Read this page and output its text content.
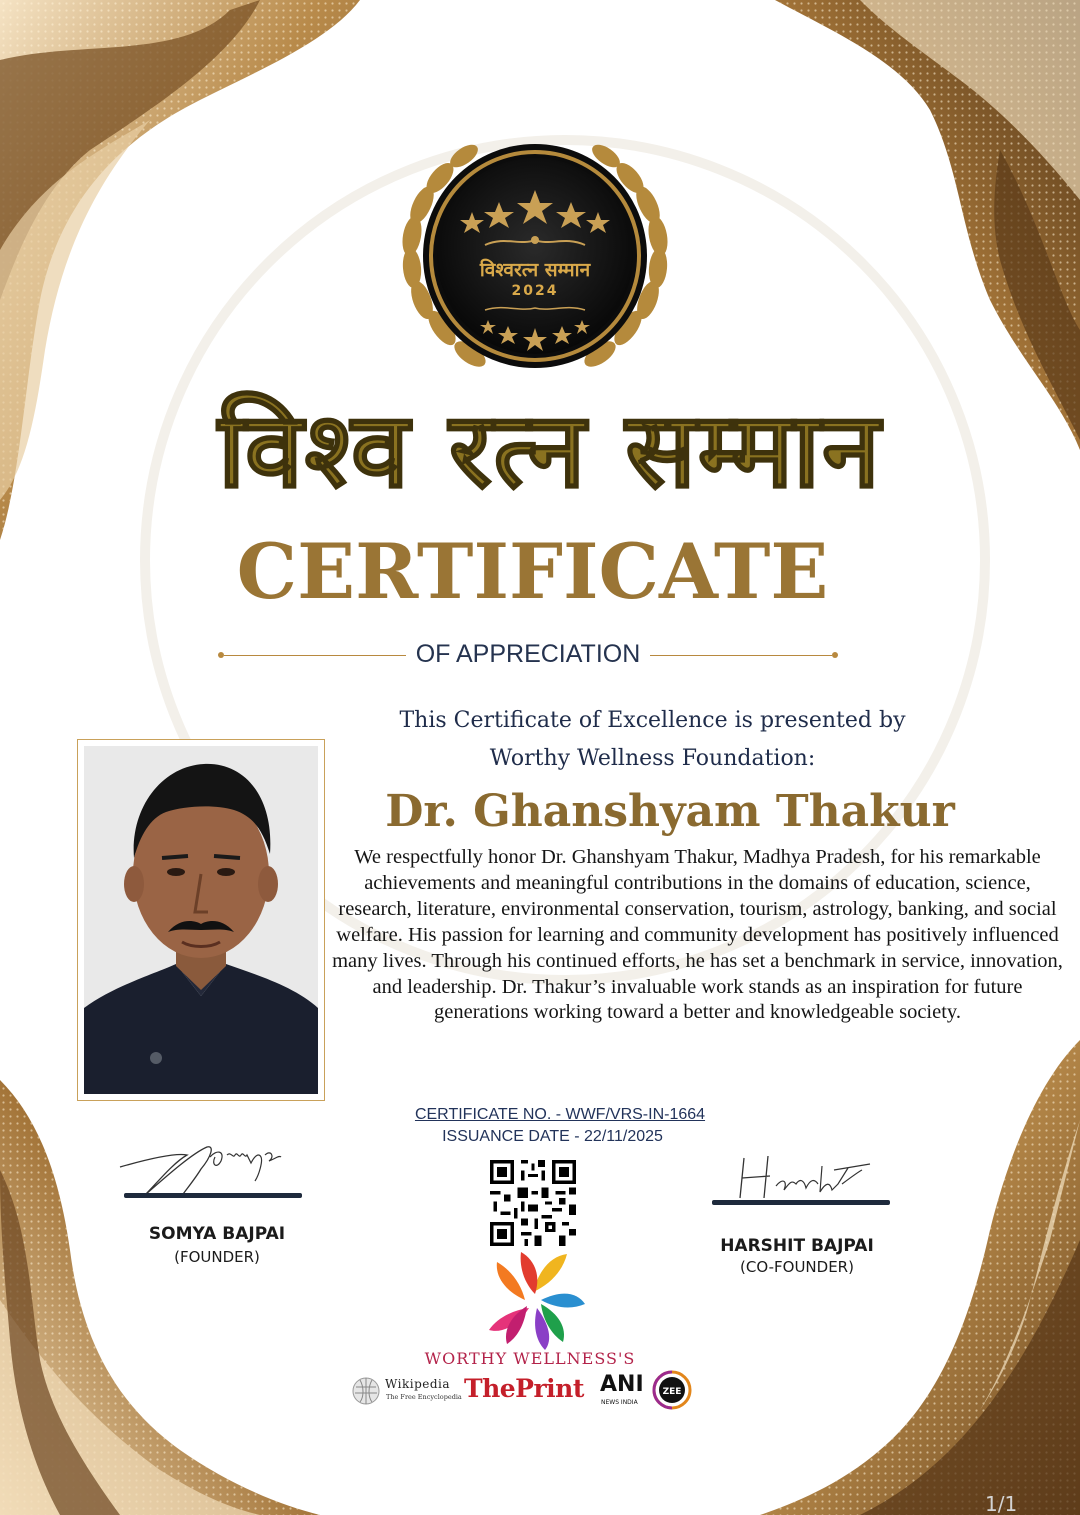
विश्वरत्न सम्मान
2024
विश्व रत्न सम्मान
CERTIFICATE
OF APPRECIATION
This Certificate of Excellence is presented by
Worthy Wellness Foundation:
Dr. Ghanshyam Thakur
We respectfully honor Dr. Ghanshyam Thakur, Madhya Pradesh, for his remarkable achievements and meaningful contributions in the domains of education, science, research, literature, environmental conservation, tourism, astrology, banking, and social welfare. His passion for learning and community development has positively influenced many lives. Through his continued efforts, he has set a benchmark in service, innovation, and leadership. Dr. Thakur’s invaluable work stands as an inspiration for future generations working toward a better and knowledgeable society.
CERTIFICATE NO. - WWF/VRS-IN-1664
ISSUANCE DATE - 22/11/2025
SOMYA BAJPAI
(FOUNDER)
HARSHIT BAJPAI
(CO-FOUNDER)
WORTHY WELLNESS'S
Wikipedia
The Free Encyclopedia ThePrint ANI
NEWS INDIA
ZEE
1/1
